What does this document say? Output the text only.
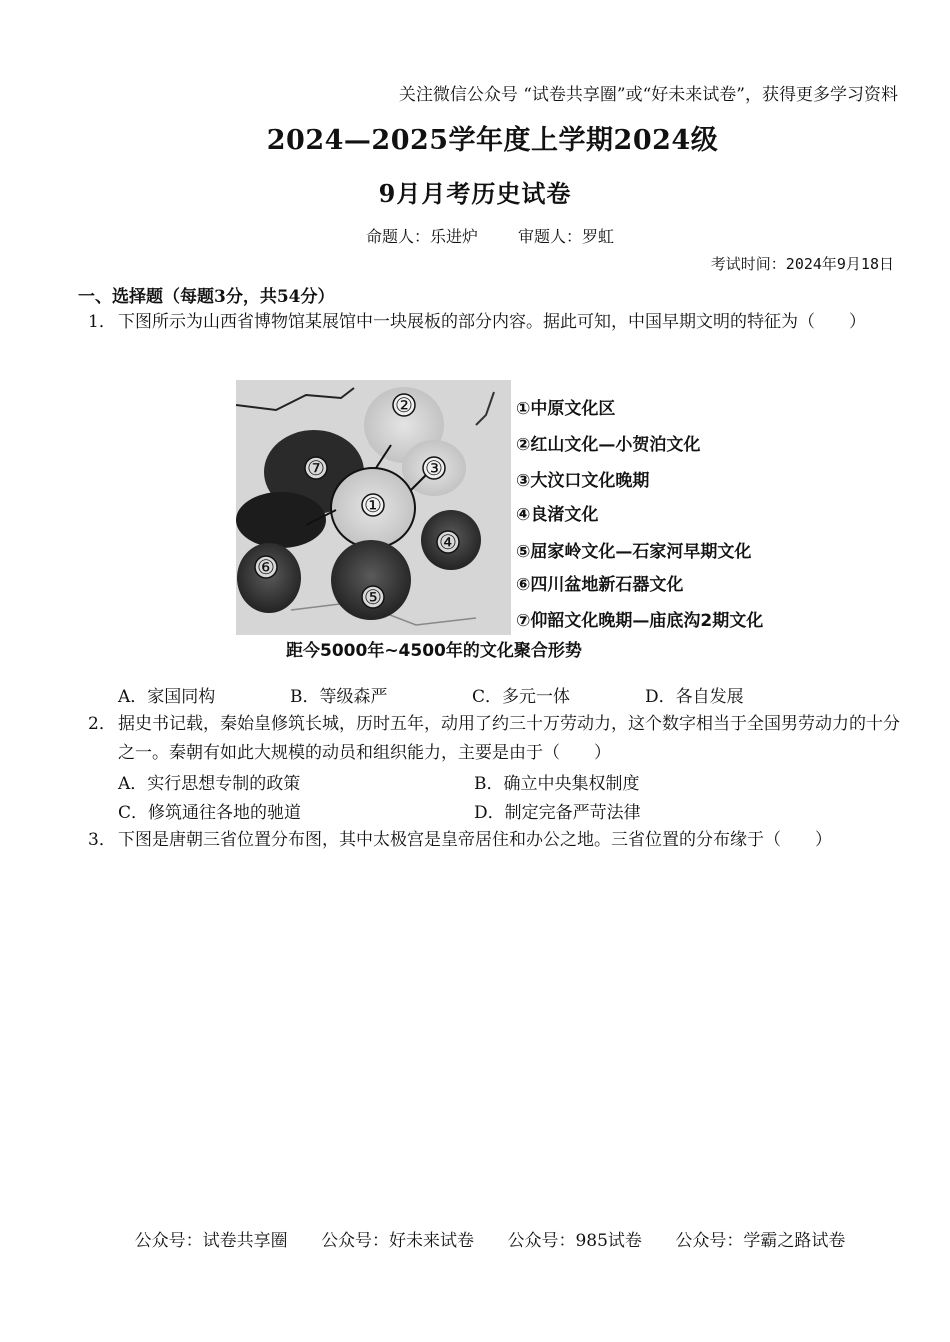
关注微信公众号 “试卷共享圈”或“好未来试卷”，获得更多学习资料
2024—2025学年度上学期2024级
9月月考历史试卷
命题人：乐进炉	审题人：罗虹
考试时间：2024年9月18日
一、选择题（每题3分，共54分）
1． 下图所示为山西省博物馆某展馆中一块展板的部分内容。据此可知，中国早期文明的特征为（　　）
②
⑦	③
①
④
⑥
⑤
①中原文化区
②红山文化—小贺泊文化
③大汶口文化晚期
④良渚文化
⑤屈家岭文化—石家河早期文化
⑥四川盆地新石器文化
⑦仰韶文化晚期—庙底沟2期文化
距今5000年~4500年的文化聚合形势
A．家国同构	B．等级森严	C．多元一体	D．各自发展
2． 据史书记载，秦始皇修筑长城，历时五年，动用了约三十万劳动力，这个数字相当于全国男劳动力的十分之一。秦朝有如此大规模的动员和组织能力，主要是由于（　　）
A．实行思想专制的政策	B．确立中央集权制度
C．修筑通往各地的驰道	D．制定完备严苛法律
3． 下图是唐朝三省位置分布图，其中太极宫是皇帝居住和办公之地。三省位置的分布缘于（　　）
公众号：试卷共享圈 公众号：好未来试卷 公众号：985试卷 公众号：学霸之路试卷
